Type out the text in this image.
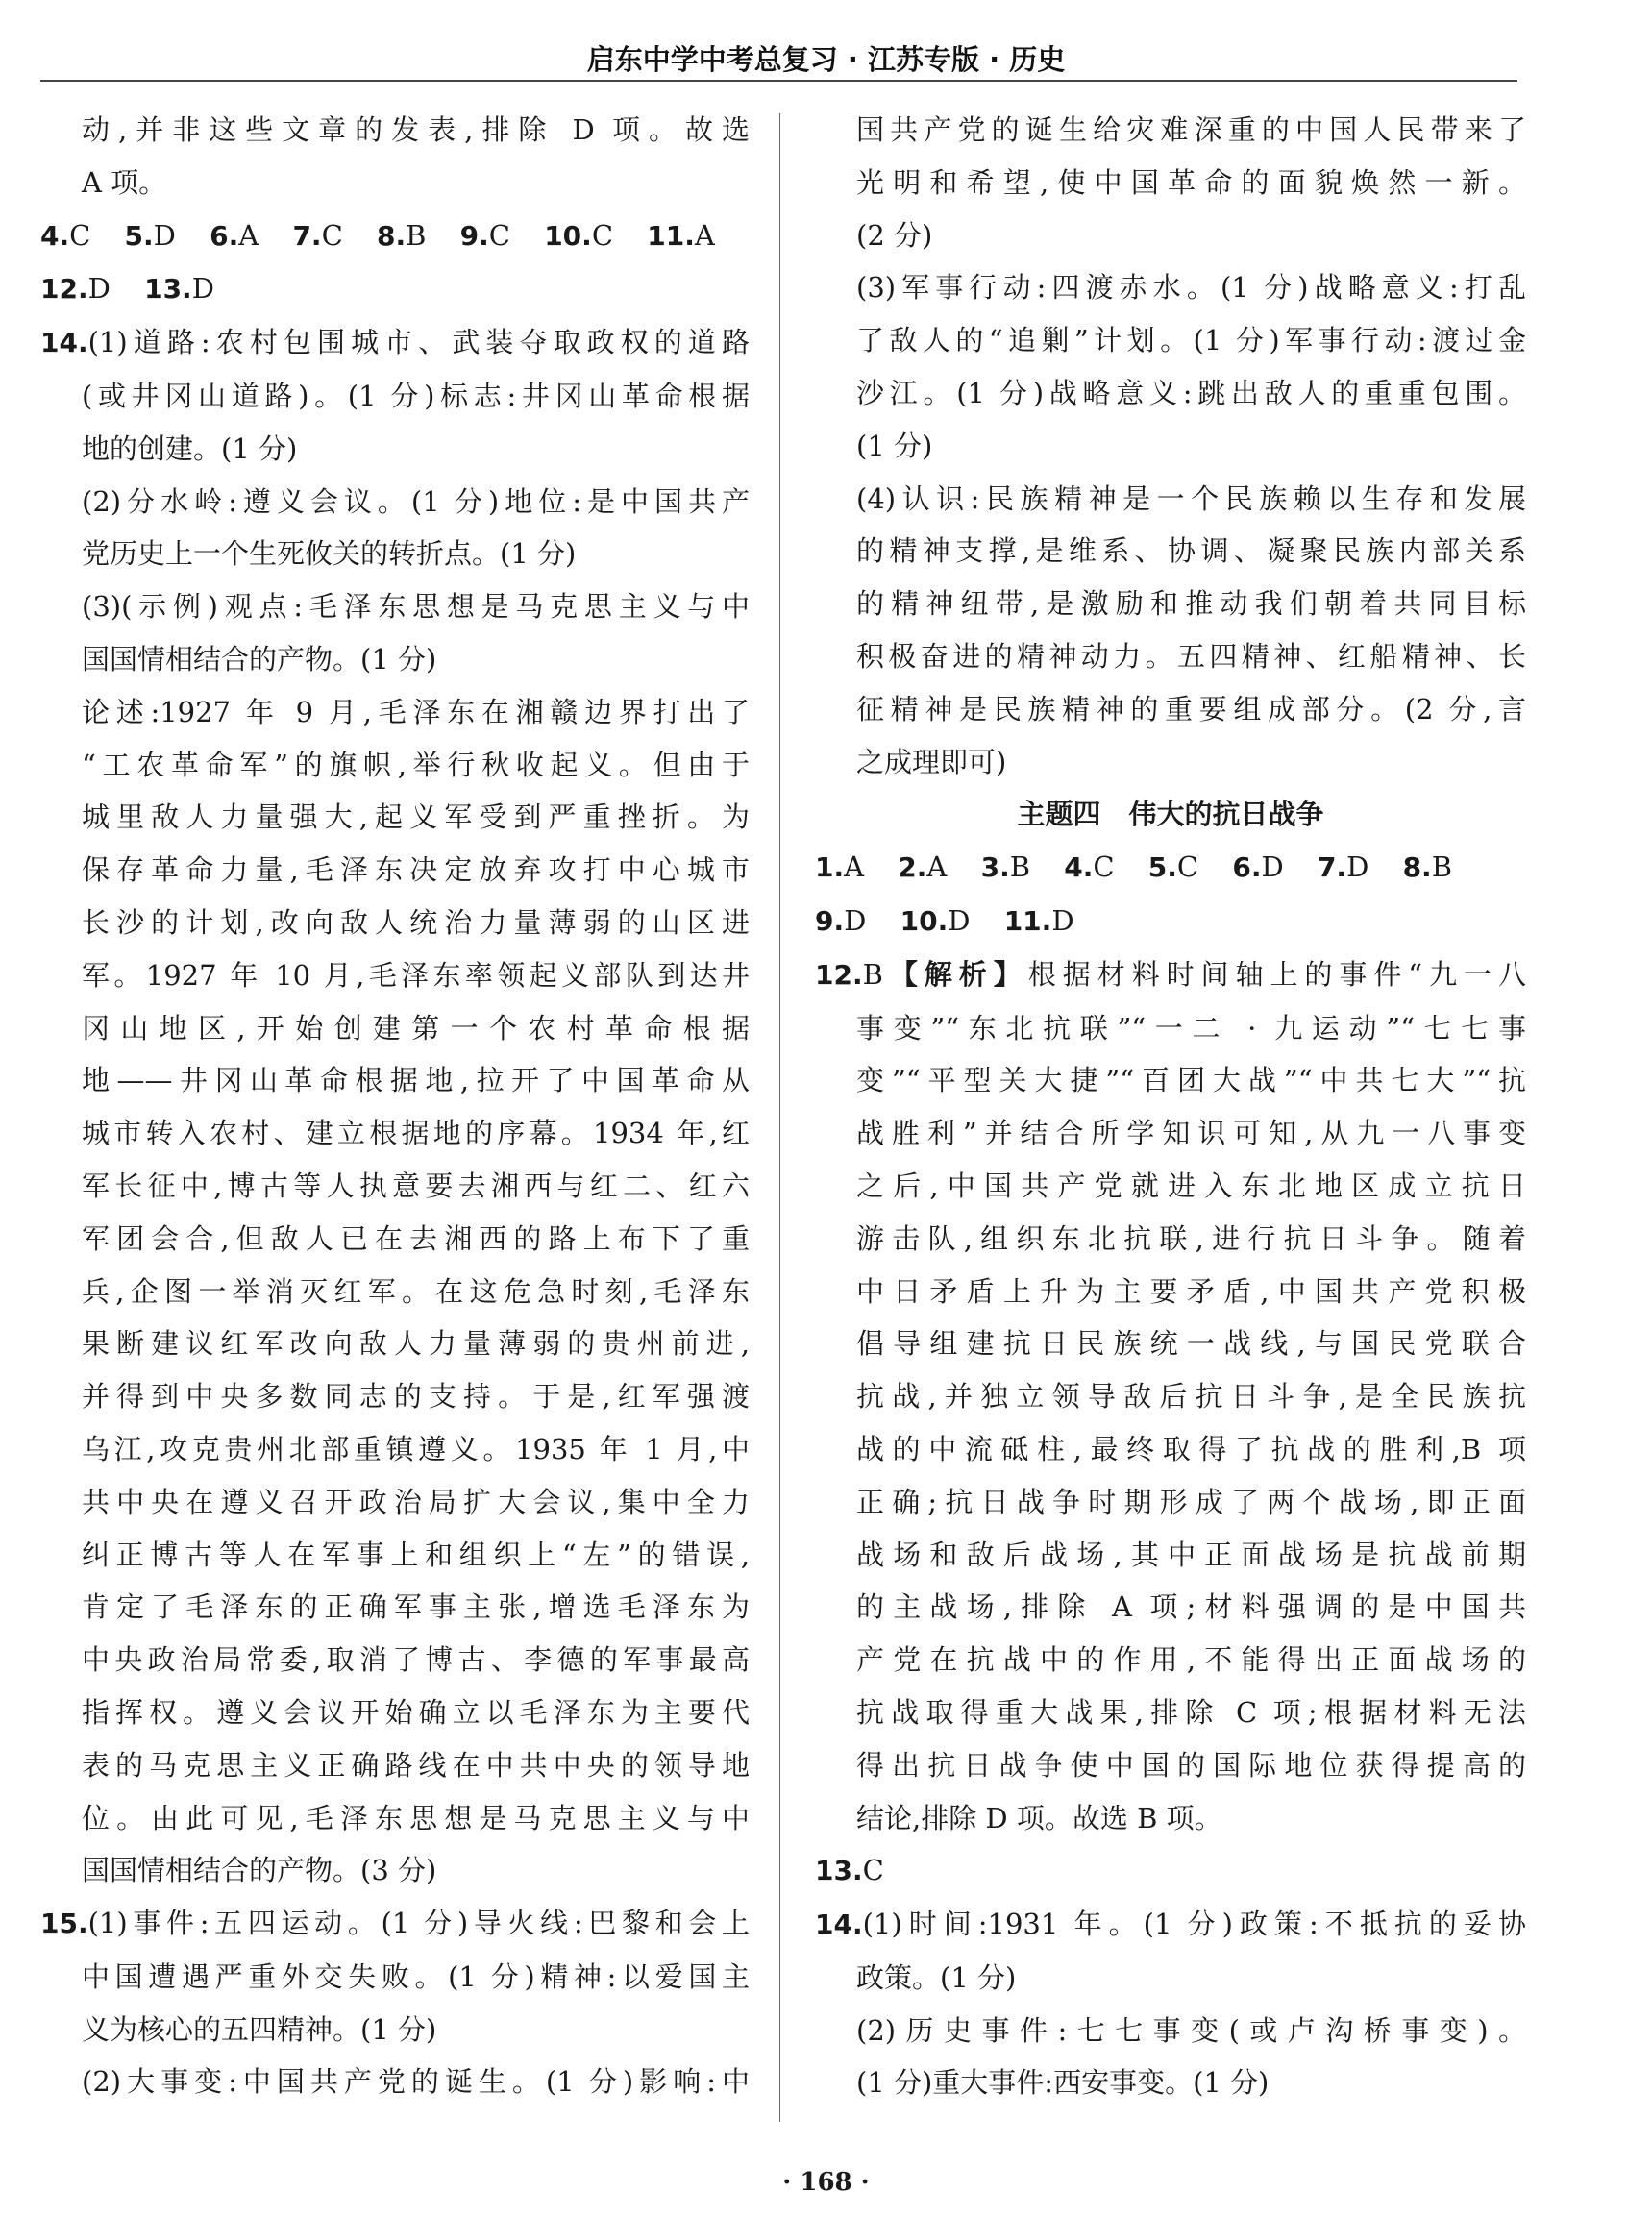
启东中学中考总复习 · 江苏专版 · 历史
动,并非这些文章的发表,排除 D 项。故选
A 项。
4.C 5.D 6.A 7.C 8.B 9.C 10.C 11.A
12.D 13.D
14.(1)道路:农村包围城市、武装夺取政权的道路
(或井冈山道路)。(1 分)标志:井冈山革命根据
地的创建。(1 分)
(2)分水岭:遵义会议。(1 分)地位:是中国共产
党历史上一个生死攸关的转折点。(1 分)
(3)(示例)观点:毛泽东思想是马克思主义与中
国国情相结合的产物。(1 分)
论述:1927 年 9 月,毛泽东在湘赣边界打出了
“工农革命军”的旗帜,举行秋收起义。但由于
城里敌人力量强大,起义军受到严重挫折。为
保存革命力量,毛泽东决定放弃攻打中心城市
长沙的计划,改向敌人统治力量薄弱的山区进
军。1927 年 10 月,毛泽东率领起义部队到达井
冈山地区,开始创建第一个农村革命根据
地——井冈山革命根据地,拉开了中国革命从
城市转入农村、建立根据地的序幕。1934 年,红
军长征中,博古等人执意要去湘西与红二、红六
军团会合,但敌人已在去湘西的路上布下了重
兵,企图一举消灭红军。在这危急时刻,毛泽东
果断建议红军改向敌人力量薄弱的贵州前进,
并得到中央多数同志的支持。于是,红军强渡
乌江,攻克贵州北部重镇遵义。1935 年 1 月,中
共中央在遵义召开政治局扩大会议,集中全力
纠正博古等人在军事上和组织上“左”的错误,
肯定了毛泽东的正确军事主张,增选毛泽东为
中央政治局常委,取消了博古、李德的军事最高
指挥权。遵义会议开始确立以毛泽东为主要代
表的马克思主义正确路线在中共中央的领导地
位。由此可见,毛泽东思想是马克思主义与中
国国情相结合的产物。(3 分)
15.(1)事件:五四运动。(1 分)导火线:巴黎和会上
中国遭遇严重外交失败。(1 分)精神:以爱国主
义为核心的五四精神。(1 分)
(2)大事变:中国共产党的诞生。(1 分)影响:中
国共产党的诞生给灾难深重的中国人民带来了
光明和希望,使中国革命的面貌焕然一新。
(2 分)
(3)军事行动:四渡赤水。(1 分)战略意义:打乱
了敌人的“追剿”计划。(1 分)军事行动:渡过金
沙江。(1 分)战略意义:跳出敌人的重重包围。
(1 分)
(4)认识:民族精神是一个民族赖以生存和发展
的精神支撑,是维系、协调、凝聚民族内部关系
的精神纽带,是激励和推动我们朝着共同目标
积极奋进的精神动力。五四精神、红船精神、长
征精神是民族精神的重要组成部分。(2 分,言
之成理即可)
主题四　伟大的抗日战争
1.A 2.A 3.B 4.C 5.C 6.D 7.D 8.B
9.D 10.D 11.D
12.B【解析】根据材料时间轴上的事件“九一八
事变”“东北抗联”“一二 · 九运动”“七七事
变”“平型关大捷”“百团大战”“中共七大”“抗
战胜利”并结合所学知识可知,从九一八事变
之后,中国共产党就进入东北地区成立抗日
游击队,组织东北抗联,进行抗日斗争。随着
中日矛盾上升为主要矛盾,中国共产党积极
倡导组建抗日民族统一战线,与国民党联合
抗战,并独立领导敌后抗日斗争,是全民族抗
战的中流砥柱,最终取得了抗战的胜利,B 项
正确;抗日战争时期形成了两个战场,即正面
战场和敌后战场,其中正面战场是抗战前期
的主战场,排除 A 项;材料强调的是中国共
产党在抗战中的作用,不能得出正面战场的
抗战取得重大战果,排除 C 项;根据材料无法
得出抗日战争使中国的国际地位获得提高的
结论,排除 D 项。故选 B 项。
13.C
14.(1)时间:1931 年。(1 分)政策:不抵抗的妥协
政策。(1 分)
(2)历史事件:七七事变(或卢沟桥事变)。
(1 分)重大事件:西安事变。(1 分)
· 168 ·
